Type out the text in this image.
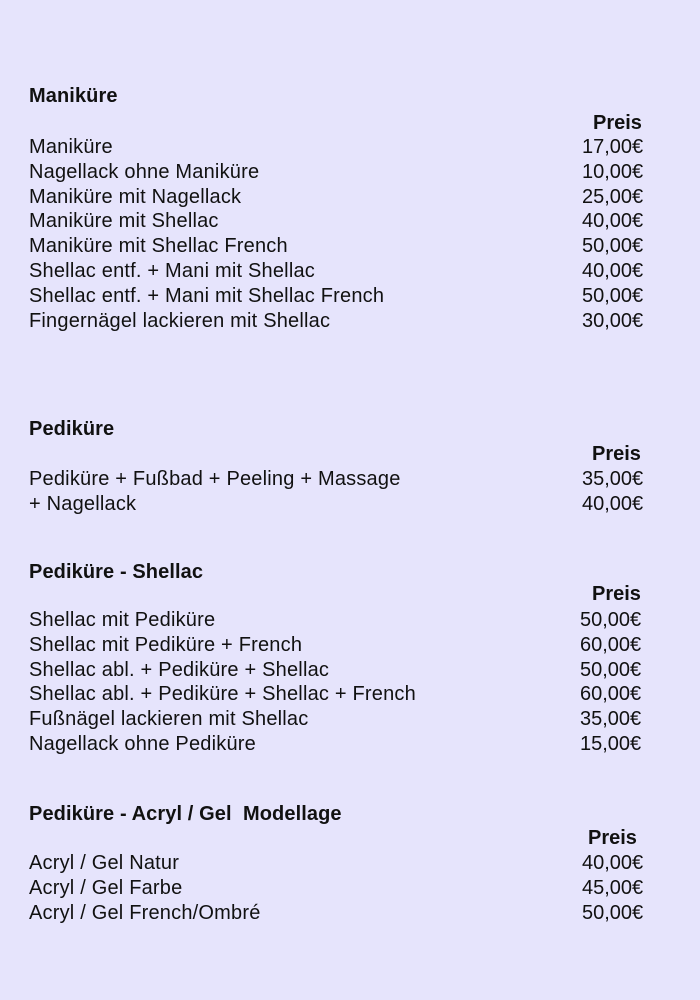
Maniküre
Preis
Maniküre	17,00€
Nagellack ohne Maniküre	10,00€
Maniküre mit Nagellack	25,00€
Maniküre mit Shellac	40,00€
Maniküre mit Shellac French	50,00€
Shellac entf. + Mani mit Shellac	40,00€
Shellac entf. + Mani mit Shellac French	50,00€
Fingernägel lackieren mit Shellac	30,00€
Pediküre
Preis
Pediküre + Fußbad + Peeling + Massage	35,00€
+ Nagellack	40,00€
Pediküre - Shellac
Preis
Shellac mit Pediküre	50,00€
Shellac mit Pediküre + French	60,00€
Shellac abl. + Pediküre + Shellac	50,00€
Shellac abl. + Pediküre + Shellac + French	60,00€
Fußnägel lackieren mit Shellac	35,00€
Nagellack ohne Pediküre	15,00€
Pediküre - Acryl / Gel  Modellage
Preis
Acryl / Gel Natur	40,00€
Acryl / Gel Farbe	45,00€
Acryl / Gel French/Ombré	50,00€
